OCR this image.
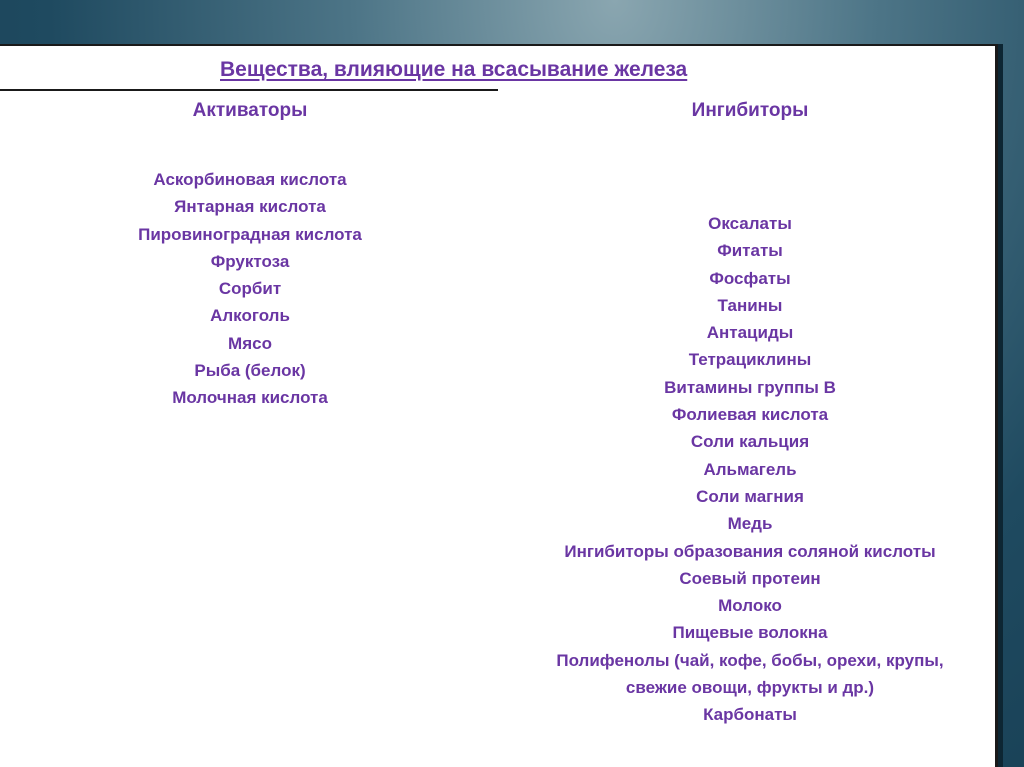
Вещества, влияющие на всасывание железа
Активаторы	Ингибиторы
Аскорбиновая кислота
Янтарная кислота
Пировиноградная кислота
Фруктоза
Сорбит
Алкоголь
Мясо
Рыба (белок)
Молочная кислота
Оксалаты
Фитаты
Фосфаты
Танины
Антациды
Тетрациклины
Витамины группы В
Фолиевая кислота
Соли кальция
Альмагель
Соли магния
Медь
Ингибиторы образования соляной кислоты
Соевый протеин
Молоко
Пищевые волокна
Полифенолы (чай, кофе, бобы, орехи, крупы,
свежие овощи, фрукты и др.)
Карбонаты
